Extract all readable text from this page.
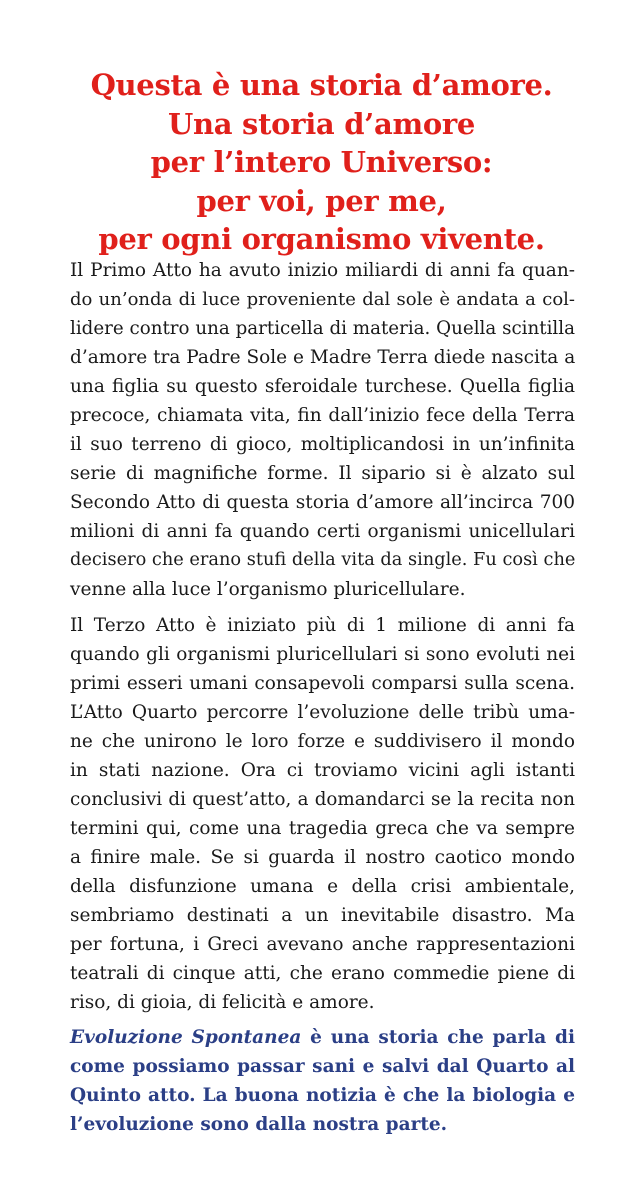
Questa è una storia d’amore.
Una storia d’amore
per l’intero Universo:
per voi, per me,
per ogni organismo vivente.
Il Primo Atto ha avuto inizio miliardi di anni fa quan-
do un’onda di luce proveniente dal sole è andata a col-
lidere contro una particella di materia. Quella scintilla
d’amore tra Padre Sole e Madre Terra diede nascita a
una figlia su questo sferoidale turchese. Quella figlia
precoce, chiamata vita, fin dall’inizio fece della Terra
il suo terreno di gioco, moltiplicandosi in un’infinita
serie di magnifiche forme. Il sipario si è alzato sul
Secondo Atto di questa storia d’amore all’incirca 700
milioni di anni fa quando certi organismi unicellulari
decisero che erano stufi della vita da single. Fu così che
venne alla luce l’organismo pluricellulare.
Il Terzo Atto è iniziato più di 1 milione di anni fa
quando gli organismi pluricellulari si sono evoluti nei
primi esseri umani consapevoli comparsi sulla scena.
L’Atto Quarto percorre l’evoluzione delle tribù uma-
ne che unirono le loro forze e suddivisero il mondo
in stati nazione. Ora ci troviamo vicini agli istanti
conclusivi di quest’atto, a domandarci se la recita non
termini qui, come una tragedia greca che va sempre
a finire male. Se si guarda il nostro caotico mondo
della disfunzione umana e della crisi ambientale,
sembriamo destinati a un inevitabile disastro. Ma
per fortuna, i Greci avevano anche rappresentazioni
teatrali di cinque atti, che erano commedie piene di
riso, di gioia, di felicità e amore.
Evoluzione Spontanea è una storia che parla di
come possiamo passar sani e salvi dal Quarto al
Quinto atto. La buona notizia è che la biologia e
l’evoluzione sono dalla nostra parte.
